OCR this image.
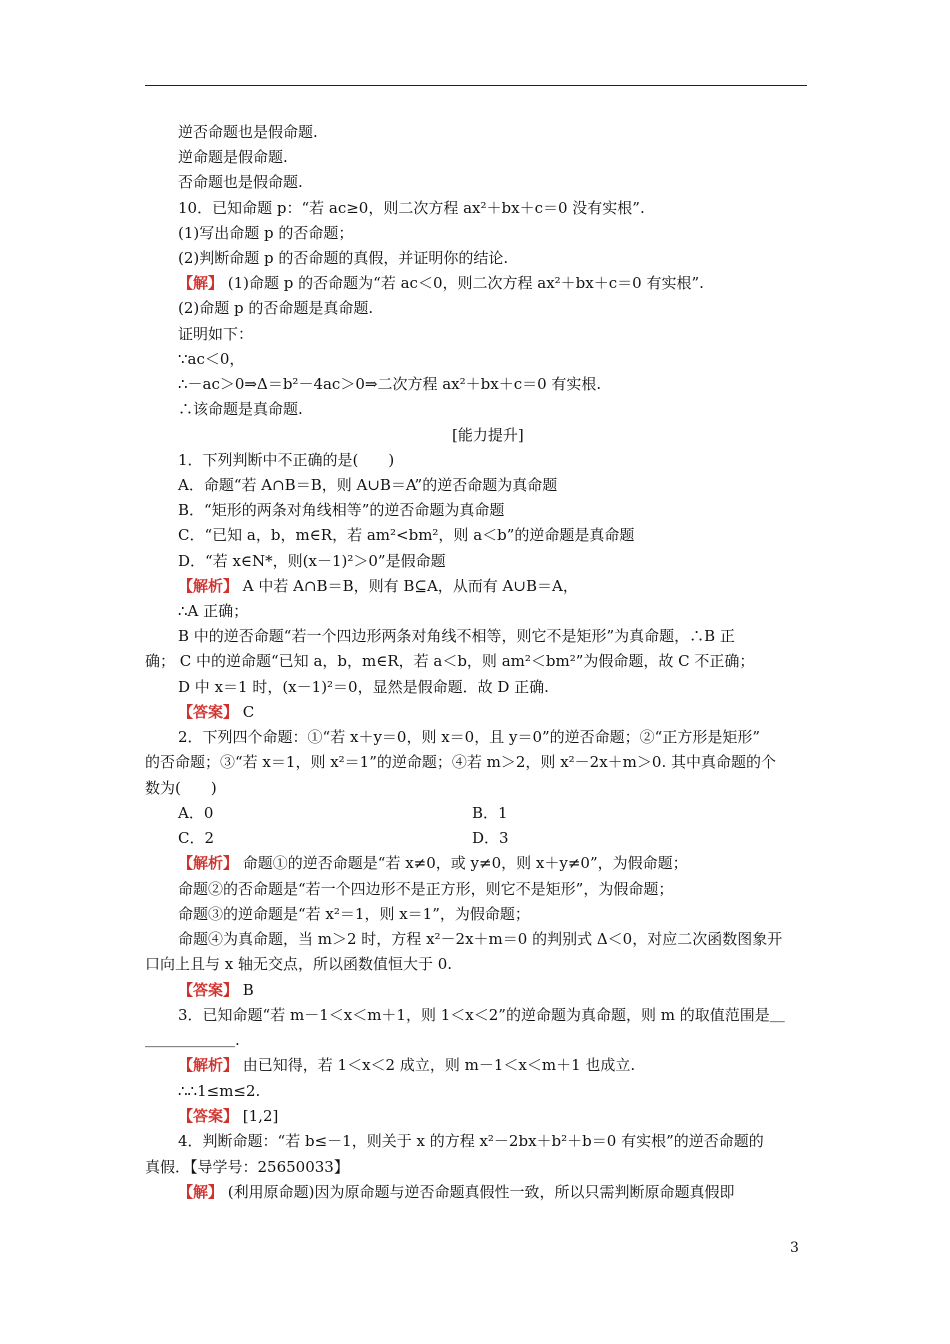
逆否命题也是假命题.
逆命题是假命题.
否命题也是假命题.
10．已知命题 p：“若 ac≥0，则二次方程 ax²＋bx＋c＝0 没有实根”.
(1)写出命题 p 的否命题；
(2)判断命题 p 的否命题的真假，并证明你的结论.
【解】 (1)命题 p 的否命题为“若 ac＜0，则二次方程 ax²＋bx＋c＝0 有实根”.
(2)命题 p 的否命题是真命题.
证明如下：
∵ac＜0，
∴－ac＞0⇒Δ＝b²－4ac＞0⇒二次方程 ax²＋bx＋c＝0 有实根.
∴该命题是真命题.
[能力提升]
1．下列判断中不正确的是(　　)
A．命题“若 A∩B＝B，则 A∪B＝A”的逆否命题为真命题
B．“矩形的两条对角线相等”的逆否命题为真命题
C．“已知 a，b，m∈R，若 am²<bm²，则 a＜b”的逆命题是真命题
D．“若 x∈N*，则(x－1)²＞0”是假命题
【解析】 A 中若 A∩B＝B，则有 B⊆A，从而有 A∪B＝A，
∴A 正确；
B 中的逆否命题“若一个四边形两条对角线不相等，则它不是矩形”为真命题，∴B 正
确； C 中的逆命题“已知 a，b，m∈R，若 a＜b，则 am²＜bm²”为假命题，故 C 不正确；
D 中 x＝1 时，(x－1)²＝0，显然是假命题．故 D 正确.
【答案】 C
2．下列四个命题：①“若 x＋y＝0，则 x＝0，且 y＝0”的逆否命题；②“正方形是矩形”
的否命题；③“若 x＝1，则 x²＝1”的逆命题；④若 m＞2，则 x²－2x＋m＞0. 其中真命题的个
数为(　　)
A．0
C．2
【解析】 命题①的逆否命题是“若 x≠0，或 y≠0，则 x＋y≠0”，为假命题；
命题②的否命题是“若一个四边形不是正方形，则它不是矩形”，为假命题；
命题③的逆命题是“若 x²＝1，则 x＝1”，为假命题；
命题④为真命题，当 m＞2 时，方程 x²－2x＋m＝0 的判别式 Δ＜0，对应二次函数图象开
口向上且与 x 轴无交点，所以函数值恒大于 0.
【答案】 B
3．已知命题“若 m－1＜x＜m＋1，则 1＜x＜2”的逆命题为真命题，则 m 的取值范围是＿
＿＿＿＿＿＿.
【解析】 由已知得，若 1＜x＜2 成立，则 m－1＜x＜m＋1 也成立.
∴∴1≤m≤2.
【答案】 [1,2]
4．判断命题：“若 b≤－1，则关于 x 的方程 x²－2bx＋b²＋b＝0 有实根”的逆否命题的
真假．【导学号：25650033】
【解】 (利用原命题)因为原命题与逆否命题真假性一致，所以只需判断原命题真假即
B．1
D．3
3
